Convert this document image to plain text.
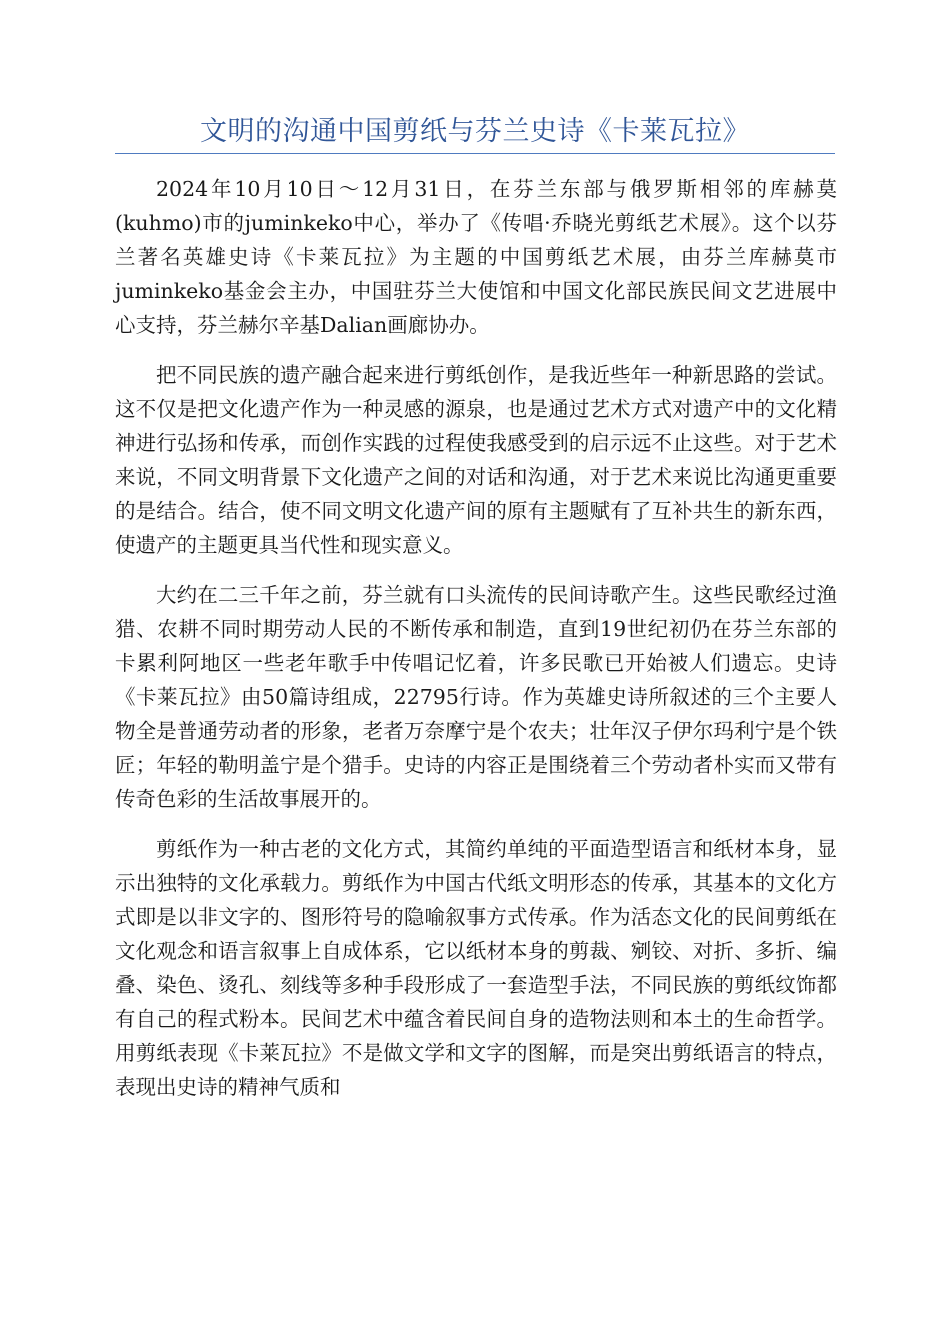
文明的沟通中国剪纸与芬兰史诗《卡莱瓦拉》

2024年10月10日～12月31日，在芬兰东部与俄罗斯相邻的库赫莫(kuhmo)市的juminkeko中心，举办了《传唱·乔晓光剪纸艺术展》。这个以芬兰著名英雄史诗《卡莱瓦拉》为主题的中国剪纸艺术展，由芬兰库赫莫市juminkeko基金会主办，中国驻芬兰大使馆和中国文化部民族民间文艺进展中心支持，芬兰赫尔辛基Dalian画廊协办。

把不同民族的遗产融合起来进行剪纸创作，是我近些年一种新思路的尝试。这不仅是把文化遗产作为一种灵感的源泉，也是通过艺术方式对遗产中的文化精神进行弘扬和传承，而创作实践的过程使我感受到的启示远不止这些。对于艺术来说，不同文明背景下文化遗产之间的对话和沟通，对于艺术来说比沟通更重要的是结合。结合，使不同文明文化遗产间的原有主题赋有了互补共生的新东西，使遗产的主题更具当代性和现实意义。

大约在二三千年之前，芬兰就有口头流传的民间诗歌产生。这些民歌经过渔猎、农耕不同时期劳动人民的不断传承和制造，直到19世纪初仍在芬兰东部的卡累利阿地区一些老年歌手中传唱记忆着，许多民歌已开始被人们遗忘。史诗《卡莱瓦拉》由50篇诗组成，22795行诗。作为英雄史诗所叙述的三个主要人物全是普通劳动者的形象，老者万奈摩宁是个农夫；壮年汉子伊尔玛利宁是个铁匠；年轻的勒明盖宁是个猎手。史诗的内容正是围绕着三个劳动者朴实而又带有传奇色彩的生活故事展开的。

剪纸作为一种古老的文化方式，其简约单纯的平面造型语言和纸材本身，显示出独特的文化承载力。剪纸作为中国古代纸文明形态的传承，其基本的文化方式即是以非文字的、图形符号的隐喻叙事方式传承。作为活态文化的民间剪纸在文化观念和语言叙事上自成体系，它以纸材本身的剪裁、剜铰、对折、多折、编叠、染色、烫孔、刻线等多种手段形成了一套造型手法，不同民族的剪纸纹饰都有自己的程式粉本。民间艺术中蕴含着民间自身的造物法则和本土的生命哲学。用剪纸表现《卡莱瓦拉》不是做文学和文字的图解，而是突出剪纸语言的特点，表现出史诗的精神气质和
